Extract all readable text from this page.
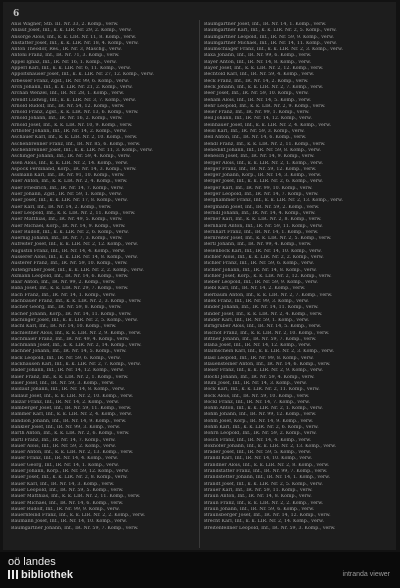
6
Anis Wagner, Stb. III. Nr. 33, 2. Komp., verw.
Anlauf Josef, Inf., k. k. LIR. Nr. 29, 2. Komp., verw.
Ansorge Alois, Inf., k. k. LIR. Nr. 11, 8. Komp., verw.
Anstatter Josef, Inf., k. k. LIR. Nr. 18, 4. Komp., verw.
Anton Theodor, Res., IR. Nr. 3, Maschg., verw.
Antoni Franz, Inf., IR. Nr. 71, 3. Komp., verw.
Appel Ignaz, Inf., IR. Nr. 16, 1. Komp., verw.
Apperl Karl, Inf., k. k. LIR. Nr. 6, 11. Komp., verw.
Appoltshauser Josef, Inf., k. k. LIR. Nr. 27, 12. Komp., verw.
Arbesser Franz, Zgsf., IR. Nr. 99, 6. Komp., verw.
Arch Johann, Inf., k. k. LIR. Nr. 21, 2. Komp., verw.
Archan Wenzel, Inf., IR. Nr. 28, 1. Komp., verw.
Arendt Ludwig, Inf., k. k. LIR. Nr. 3, 7. Komp., verw.
Arnold Rudolf, Inf., IR. Nr. 54, 12. Komp., verw.
Arnold Franz, Zgsf., k. k. LIR. Nr. 13, 6. Komp., verw.
Arnold Johann, Inf., IR. Nr. 16, 2. Komp., verw.
Arnold Josef, Inf., k. k. LIR. Nr. 10, 9. Komp., verw.
Arthofer Johann, Inf., IR. Nr. 14, 2. Komp., verw.
Aschauer Karl, Inf., k. k. LIR. Nr. 2, 10. Komp., verw.
Aschenbrenner Franz, Inf., IR. Nr. 85, 6. Komp., verw.
Aschenbrenner Josef, Inf., k. k. LIR. Nr. 11, 3. Komp., verw.
Aschinger Johann, Inf., IR. Nr. 59, 4. Komp., verw.
Asen Alois, Inf., k. k. LIR. Nr. 2, 14. Komp., verw.
Aspöck Ferdinand, Korp., IR. Nr. 14, 3. Komp., verw.
Assmann Karl, Inf., IR. Nr. 91, 10. Komp., verw.
Auer Anton, Inf., k. k. LIR. Nr. 2, 4. Komp., verw.
Auer Friedrich, Inf., IR. Nr. 14, 7. Komp., verw.
Auer Johann, Zgsf., IR. Nr. 59, 1. Komp., verw.
Auer Josef, Inf., k. k. LIR. Nr. 17, 8. Komp., verw.
Auer Karl, Inf., IR. Nr. 14, 2. Komp., verw.
Auer Leopold, Inf., k. k. LIR. Nr. 2, 11. Komp., verw.
Auer Matthias, Inf., IR. Nr. 49, 5. Komp., verw.
Auer Michael, Korp., IR. Nr. 14, 9. Komp., verw.
Auer Rudolf, Inf., k. k. LIR. Nr. 2, 6. Komp., verw.
Auernig Johann, Inf., IR. Nr. 7, 3. Komp., verw.
Aufreiter Josef, Inf., k. k. LIR. Nr. 2, 12. Komp., verw.
Augustin Franz, Inf., IR. Nr. 14, 4. Komp., verw.
Ausserer Alois, Inf., k. k. LIR. Nr. 14, 8. Komp., verw.
Austerer Franz, Inf., IR. Nr. 59, 10. Komp., verw.
Autengruber Josef, Inf., k. k. LIR. Nr. 2, 2. Komp., verw.
Axmann Leopold, Inf., IR. Nr. 14, 6. Komp., verw.
Baar Anton, Inf., IR. Nr. 99, 2. Komp., verw.
Baba Josef, Inf., k. k. LIR. Nr. 29, 7. Komp., verw.
Bach Franz, Inf., IR. Nr. 14, 1. Komp., verw.
Bachbauer Franz, Inf., k. k. LIR. Nr. 2, 3. Komp., verw.
Bacher Georg, Inf., IR. Nr. 59, 8. Komp., verw.
Bacher Johann, Korp., IR. Nr. 14, 11. Komp., verw.
Bachinger Josef, Inf., k. k. LIR. Nr. 2, 5. Komp., verw.
Bachl Karl, Inf., IR. Nr. 14, 10. Komp., verw.
Bachleitner Alois, Inf., k. k. LIR. Nr. 2, 9. Komp., verw.
Bachmaier Franz, Inf., IR. Nr. 49, 4. Komp., verw.
Bachmann Josef, Inf., k. k. LIR. Nr. 2, 14. Komp., verw.
Bachner Johann, Inf., IR. Nr. 14, 5. Komp., verw.
Bäck Leopold, Inf., IR. Nr. 59, 6. Komp., verw.
Backhausen Karl, Inf., k. k. LIR. Nr. 2, 7. Komp., verw.
Bader Johann, Inf., IR. Nr. 14, 12. Komp., verw.
Baier Franz, Inf., k. k. LIR. Nr. 2, 1. Komp., verw.
Baier Josef, Inf., IR. Nr. 59, 3. Komp., verw.
Baldauf Johann, Inf., IR. Nr. 14, 8. Komp., verw.
Ballauf Josef, Inf., k. k. LIR. Nr. 2, 10. Komp., verw.
Balzar Franz, Inf., IR. Nr. 14, 2. Komp., verw.
Bamberger Josef, Inf., IR. Nr. 59, 11. Komp., verw.
Bammer Karl, Inf., k. k. LIR. Nr. 2, 4. Komp., verw.
Bandion Johann, Inf., IR. Nr. 14, 9. Komp., verw.
Bankler Josef, Inf., IR. Nr. 99, 3. Komp., verw.
Barth Anton, Inf., k. k. LIR. Nr. 2, 6. Komp., verw.
Bartl Franz, Inf., IR. Nr. 14, 7. Komp., verw.
Bauer Alois, Inf., IR. Nr. 59, 2. Komp., verw.
Bauer Anton, Inf., k. k. LIR. Nr. 2, 13. Komp., verw.
Bauer Franz, Inf., IR. Nr. 14, 4. Komp., verw.
Bauer Georg, Inf., IR. Nr. 14, 1. Komp., verw.
Bauer Johann, Korp., IR. Nr. 59, 12. Komp., verw.
Bauer Josef, Inf., k. k. LIR. Nr. 2, 8. Komp., verw.
Bauer Karl, Inf., IR. Nr. 14, 3. Komp., verw.
Bauer Leopold, Inf., IR. Nr. 59, 5. Komp., verw.
Bauer Matthias, Inf., k. k. LIR. Nr. 2, 11. Komp., verw.
Bauer Michael, Inf., IR. Nr. 14, 6. Komp., verw.
Bauer Rudolf, Inf., IR. Nr. 99, 9. Komp., verw.
Bauernfeind Franz, Inf., k. k. LIR. Nr. 2, 2. Komp., verw.
Baumann Josef, Inf., IR. Nr. 14, 10. Komp., verw.
Baumgartner Johann, Inf., IR. Nr. 59, 7. Komp., verw.
Baumgartner Josef, Inf., IR. Nr. 14, 1. Komp., verw.
Baumgartner Karl, Inf., k. k. LIR. Nr. 2, 5. Komp., verw.
Baumgartner Leopold, Inf., IR. Nr. 59, 9. Komp., verw.
Baumgartner Michael, Inf., IR. Nr. 14, 11. Komp., verw.
Baumschlager Franz, Inf., k. k. LIR. Nr. 2, 3. Komp., verw.
Baxa Johann, Inf., IR. Nr. 99, 6. Komp., verw.
Bayer Anton, Inf., IR. Nr. 14, 8. Komp., verw.
Bayer Josef, Inf., k. k. LIR. Nr. 2, 12. Komp., verw.
Bechtold Karl, Inf., IR. Nr. 59, 4. Komp., verw.
Beck Franz, Inf., IR. Nr. 14, 2. Komp., verw.
Beck Johann, Inf., k. k. LIR. Nr. 2, 7. Komp., verw.
Beer Josef, Inf., IR. Nr. 59, 10. Komp., verw.
Beham Alois, Inf., IR. Nr. 14, 5. Komp., verw.
Behr Leopold, Inf., k. k. LIR. Nr. 2, 9. Komp., verw.
Beier Franz, Inf., IR. Nr. 99, 1. Komp., verw.
Beil Johann, Inf., IR. Nr. 14, 12. Komp., verw.
Beinhauer Josef, Inf., k. k. LIR. Nr. 2, 4. Komp., verw.
Beisl Karl, Inf., IR. Nr. 59, 3. Komp., verw.
Bell Anton, Inf., IR. Nr. 14, 6. Komp., verw.
Bendl Franz, Inf., k. k. LIR. Nr. 2, 11. Komp., verw.
Benedikt Johann, Inf., IR. Nr. 59, 8. Komp., verw.
Benesch Josef, Inf., IR. Nr. 14, 9. Komp., verw.
Berger Alois, Inf., k. k. LIR. Nr. 2, 1. Komp., verw.
Berger Franz, Inf., IR. Nr. 59, 12. Komp., verw.
Berger Johann, Korp., IR. Nr. 14, 3. Komp., verw.
Berger Josef, Inf., k. k. LIR. Nr. 2, 6. Komp., verw.
Berger Karl, Inf., IR. Nr. 99, 10. Komp., verw.
Berger Leopold, Inf., IR. Nr. 14, 7. Komp., verw.
Berghammer Franz, Inf., k. k. LIR. Nr. 2, 13. Komp., verw.
Bergmann Josef, Inf., IR. Nr. 59, 2. Komp., verw.
Berndl Johann, Inf., IR. Nr. 14, 4. Komp., verw.
Berner Karl, Inf., k. k. LIR. Nr. 2, 8. Komp., verw.
Bernhard Anton, Inf., IR. Nr. 59, 11. Komp., verw.
Bernhart Franz, Inf., IR. Nr. 14, 1. Komp., verw.
Bernreiter Josef, Inf., k. k. LIR. Nr. 2, 5. Komp., verw.
Bertl Johann, Inf., IR. Nr. 99, 4. Komp., verw.
Besenböck Karl, Inf., IR. Nr. 14, 10. Komp., verw.
Bichler Alois, Inf., k. k. LIR. Nr. 2, 2. Komp., verw.
Bichler Franz, Inf., IR. Nr. 59, 6. Komp., verw.
Bichler Johann, Inf., IR. Nr. 14, 8. Komp., verw.
Bichler Josef, Korp., k. k. LIR. Nr. 2, 12. Komp., verw.
Bieber Leopold, Inf., IR. Nr. 59, 9. Komp., verw.
Biebl Karl, Inf., IR. Nr. 14, 2. Komp., verw.
Bierbaum Anton, Inf., k. k. LIR. Nr. 2, 7. Komp., verw.
Bilek Franz, Inf., IR. Nr. 99, 3. Komp., verw.
Binder Johann, Inf., IR. Nr. 14, 11. Komp., verw.
Binder Josef, Inf., k. k. LIR. Nr. 2, 4. Komp., verw.
Binder Karl, Inf., IR. Nr. 59, 1. Komp., verw.
Birngruber Alois, Inf., IR. Nr. 14, 5. Komp., verw.
Bischof Franz, Inf., k. k. LIR. Nr. 2, 10. Komp., verw.
Bittner Johann, Inf., IR. Nr. 59, 7. Komp., verw.
Blaha Josef, Inf., IR. Nr. 14, 12. Komp., verw.
Blaimschein Karl, Inf., k. k. LIR. Nr. 2, 3. Komp., verw.
Blasl Leopold, Inf., IR. Nr. 99, 8. Komp., verw.
Blauensteiner Anton, Inf., IR. Nr. 14, 6. Komp., verw.
Bleier Franz, Inf., k. k. LIR. Nr. 2, 9. Komp., verw.
Blöchl Johann, Inf., IR. Nr. 59, 4. Komp., verw.
Blum Josef, Inf., IR. Nr. 14, 3. Komp., verw.
Bock Karl, Inf., k. k. LIR. Nr. 2, 11. Komp., verw.
Böck Alois, Inf., IR. Nr. 59, 10. Komp., verw.
Böckl Franz, Inf., IR. Nr. 14, 7. Komp., verw.
Böhm Anton, Inf., k. k. LIR. Nr. 2, 1. Komp., verw.
Böhm Johann, Inf., IR. Nr. 99, 12. Komp., verw.
Böhm Josef, Korp., IR. Nr. 14, 9. Komp., verw.
Böhm Karl, Inf., k. k. LIR. Nr. 2, 6. Komp., verw.
Bohrn Leopold, Inf., IR. Nr. 59, 2. Komp., verw.
Bösch Franz, Inf., IR. Nr. 14, 4. Komp., verw.
Boxhofer Johann, Inf., k. k. LIR. Nr. 2, 13. Komp., verw.
Brader Josef, Inf., IR. Nr. 59, 5. Komp., verw.
Brandl Karl, Inf., IR. Nr. 14, 10. Komp., verw.
Brandner Alois, Inf., k. k. LIR. Nr. 2, 8. Komp., verw.
Brandstätter Franz, Inf., IR. Nr. 99, 7. Komp., verw.
Brandstetter Johann, Inf., IR. Nr. 14, 1. Komp., verw.
Brandt Josef, Inf., k. k. LIR. Nr. 2, 5. Komp., verw.
Brauer Karl, Inf., IR. Nr. 59, 11. Komp., verw.
Braun Anton, Inf., IR. Nr. 14, 8. Komp., verw.
Braun Franz, Inf., k. k. LIR. Nr. 2, 2. Komp., verw.
Braun Johann, Inf., IR. Nr. 59, 6. Komp., verw.
Braunsberger Josef, Inf., IR. Nr. 14, 12. Komp., verw.
Brecht Karl, Inf., k. k. LIR. Nr. 2, 14. Komp., verw.
Breitenfellner Leopold, Inf., IR. Nr. 59, 3. Komp., verw.
oö landes
bibliothek	intranda viewer
